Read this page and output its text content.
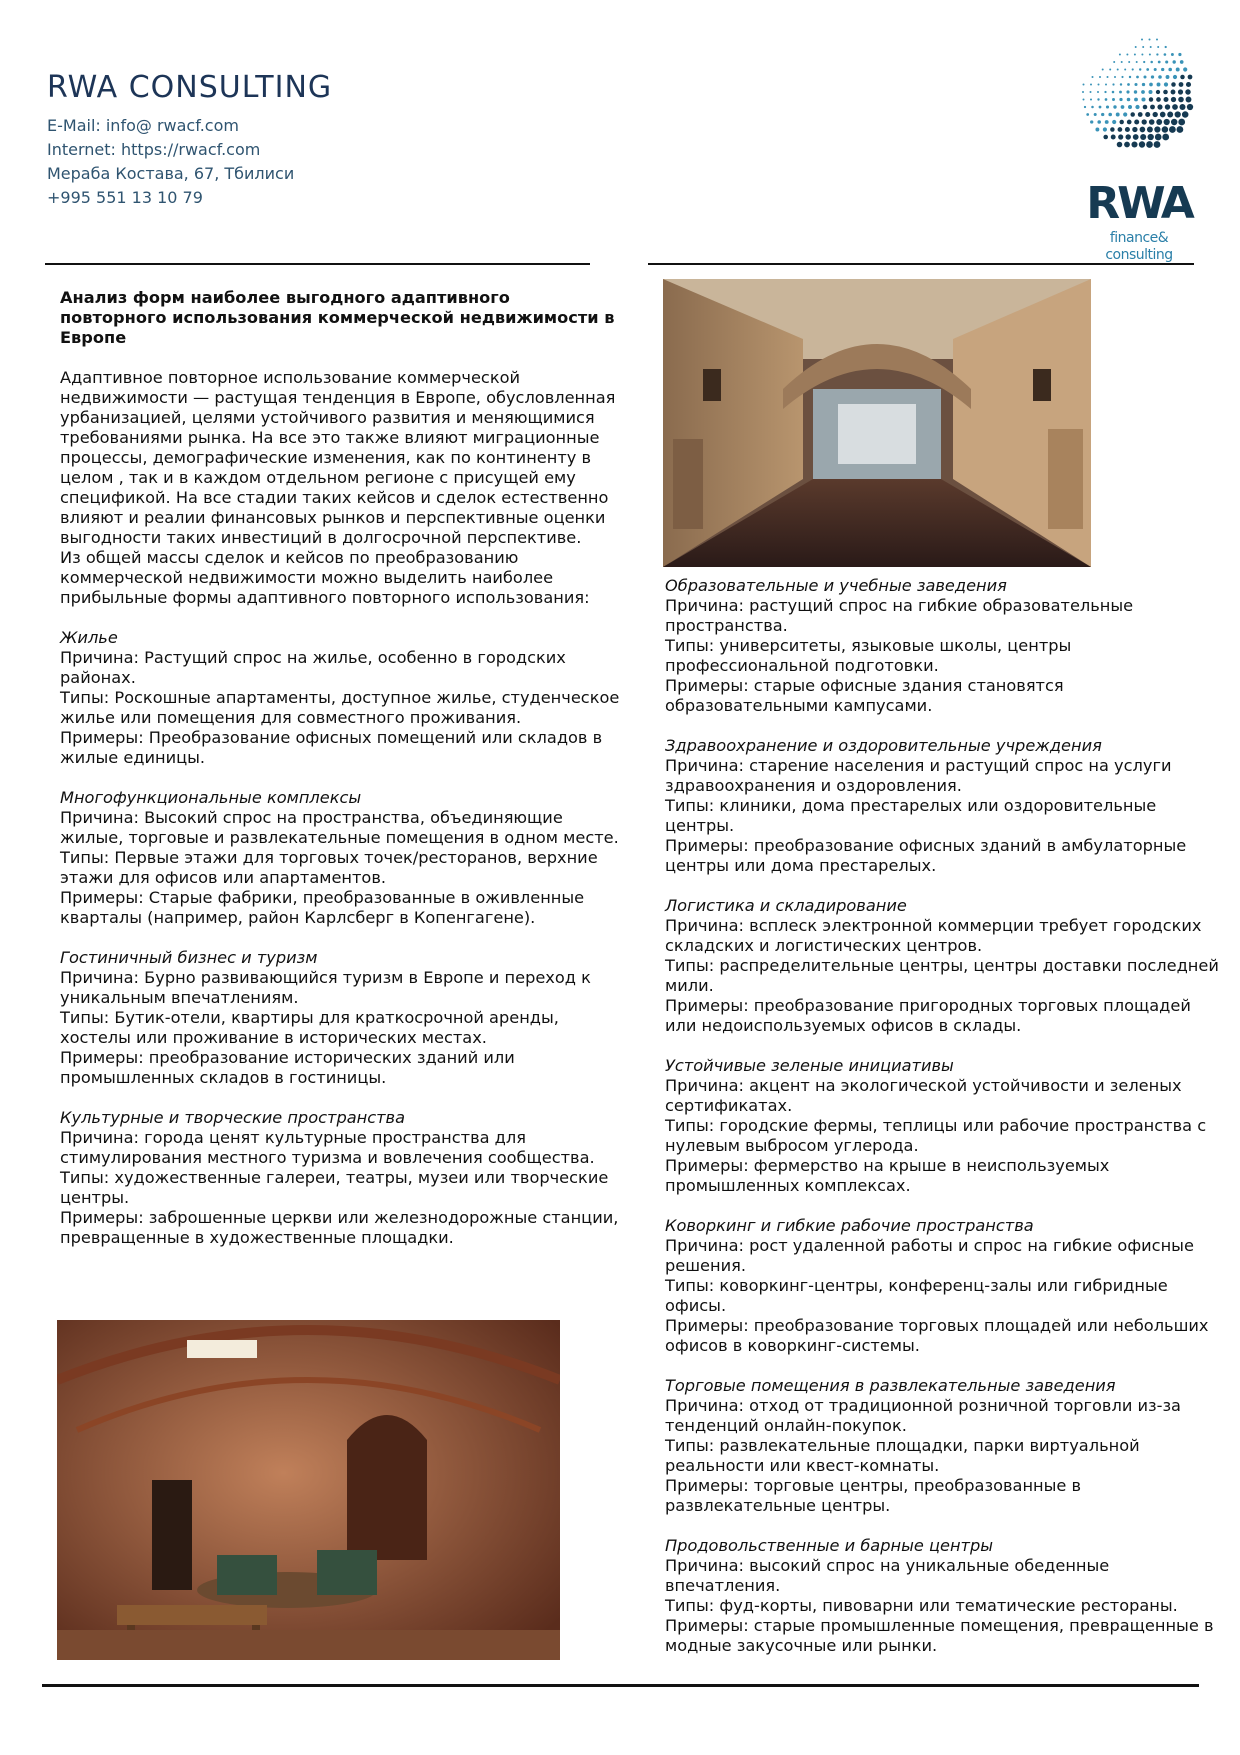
RWA CONSULTING
E-Mail: info@ rwacf.com
Internet: https://rwacf.com
Мераба Костава, 67, Тбилиси
+995 551 13 10 79	RWA
finance&
consulting

Анализ форм наиболее выгодного адаптивного повторного использования коммерческой недвижимости в Европе

Адаптивное повторное использование коммерческой недвижимости — растущая тенденция в Европе, обусловленная урбанизацией, целями устойчивого развития и меняющимися требованиями рынка. На все это также влияют миграционные процессы, демографические изменения, как по континенту в целом , так и в каждом отдельном регионе с присущей ему спецификой. На все стадии таких кейсов и сделок естественно влияют и реалии финансовых рынков и перспективные оценки выгодности таких инвестиций в долгосрочной перспективе.

Из общей массы сделок и кейсов по преобразованию коммерческой недвижимости можно выделить наиболее прибыльные формы адаптивного повторного использования:

Жилье

Причина: Растущий спрос на жилье, особенно в городских районах.

Типы: Роскошные апартаменты, доступное жилье, студенческое жилье или помещения для совместного проживания.

Примеры: Преобразование офисных помещений или складов в жилые единицы.

Многофункциональные комплексы

Причина: Высокий спрос на пространства, объединяющие жилые, торговые и развлекательные помещения в одном месте.

Типы: Первые этажи для торговых точек/ресторанов, верхние этажи для офисов или апартаментов.

Примеры: Старые фабрики, преобразованные в оживленные кварталы (например, район Карлсберг в Копенгагене).

Гостиничный бизнес и туризм

Причина: Бурно развивающийся туризм в Европе и переход к уникальным впечатлениям.

Типы: Бутик-отели, квартиры для краткосрочной аренды, хостелы или проживание в исторических местах.

Примеры: преобразование исторических зданий или промышленных складов в гостиницы.

Культурные и творческие пространства

Причина: города ценят культурные пространства для стимулирования местного туризма и вовлечения сообщества.

Типы: художественные галереи, театры, музеи или творческие центры.

Примеры: заброшенные церкви или железнодорожные станции, превращенные в художественные площадки.

Образовательные и учебные заведения

Причина: растущий спрос на гибкие образовательные пространства.

Типы: университеты, языковые школы, центры профессиональной подготовки.

Примеры: старые офисные здания становятся образовательными кампусами.

Здравоохранение и оздоровительные учреждения

Причина: старение населения и растущий спрос на услуги здравоохранения и оздоровления.

Типы: клиники, дома престарелых или оздоровительные центры.

Примеры: преобразование офисных зданий в амбулаторные центры или дома престарелых.

Логистика и складирование

Причина: всплеск электронной коммерции требует городских складских и логистических центров.

Типы: распределительные центры, центры доставки последней мили.

Примеры: преобразование пригородных торговых площадей или недоиспользуемых офисов в склады.

Устойчивые зеленые инициативы

Причина: акцент на экологической устойчивости и зеленых сертификатах.

Типы: городские фермы, теплицы или рабочие пространства с нулевым выбросом углерода.

Примеры: фермерство на крыше в неиспользуемых промышленных комплексах.

Коворкинг и гибкие рабочие пространства

Причина: рост удаленной работы и спрос на гибкие офисные решения.

Типы: коворкинг-центры, конференц-залы или гибридные офисы.

Примеры: преобразование торговых площадей или небольших офисов в коворкинг-системы.

Торговые помещения в развлекательные заведения

Причина: отход от традиционной розничной торговли из-за тенденций онлайн-покупок.

Типы: развлекательные площадки, парки виртуальной реальности или квест-комнаты.

Примеры: торговые центры, преобразованные в развлекательные центры.

Продовольственные и барные центры

Причина: высокий спрос на уникальные обеденные впечатления.

Типы: фуд-корты, пивоварни или тематические рестораны.

Примеры: старые промышленные помещения, превращенные в модные закусочные или рынки.
